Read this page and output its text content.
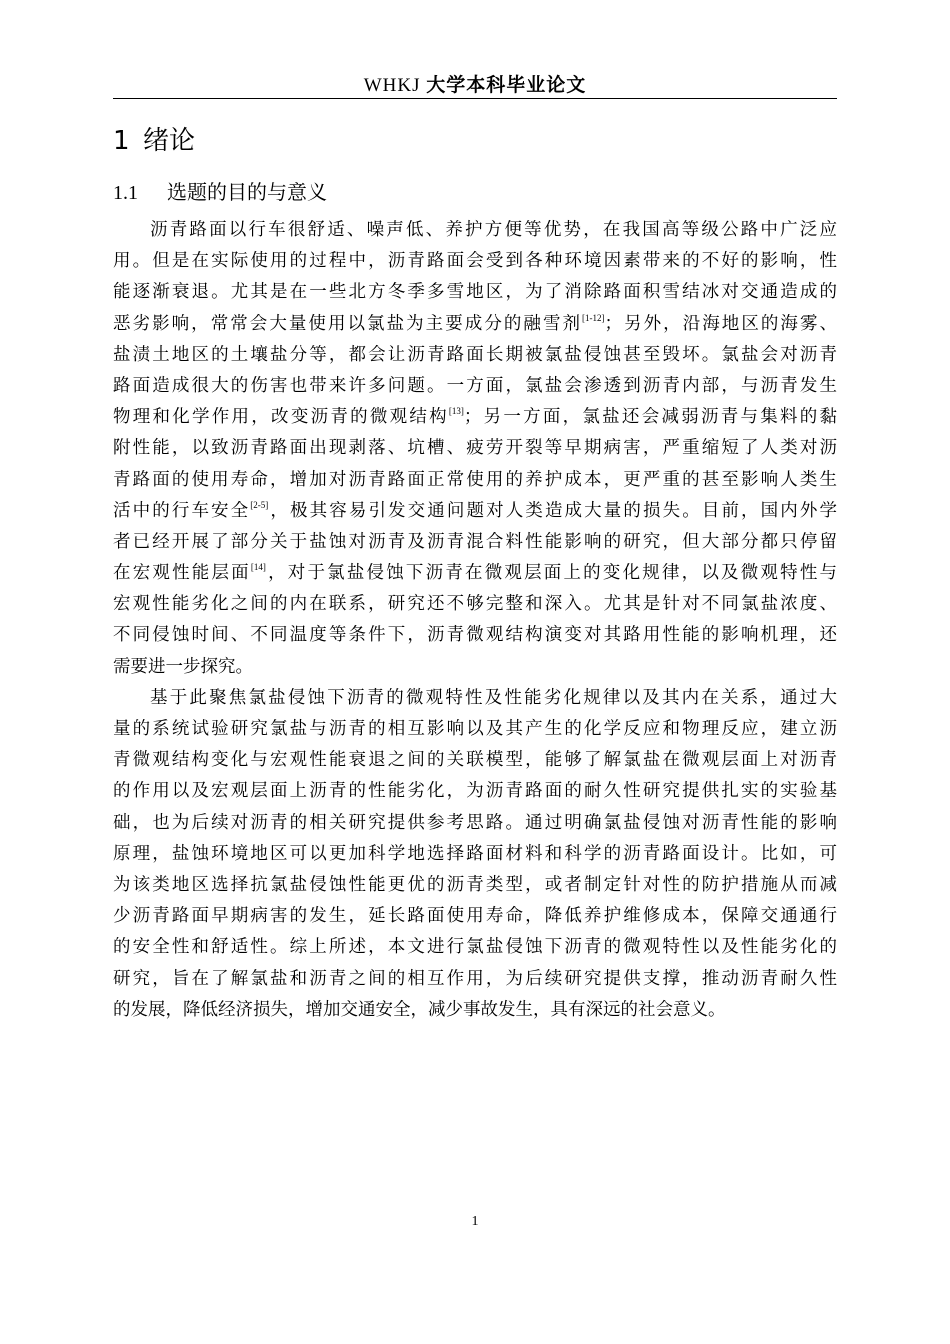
WHKJ 大学本科毕业论文
1 绪论
1.1 选题的目的与意义
沥青路面以行车很舒适、噪声低、养护方便等优势，在我国高等级公路中广泛应
用。但是在实际使用的过程中，沥青路面会受到各种环境因素带来的不好的影响，性
能逐渐衰退。尤其是在一些北方冬季多雪地区，为了消除路面积雪结冰对交通造成的
恶劣影响，常常会大量使用以氯盐为主要成分的融雪剂[1-12]；另外，沿海地区的海雾、
盐渍土地区的土壤盐分等，都会让沥青路面长期被氯盐侵蚀甚至毁坏。氯盐会对沥青
路面造成很大的伤害也带来许多问题。一方面，氯盐会渗透到沥青内部，与沥青发生
物理和化学作用，改变沥青的微观结构[13]；另一方面，氯盐还会减弱沥青与集料的黏
附性能，以致沥青路面出现剥落、坑槽、疲劳开裂等早期病害，严重缩短了人类对沥
青路面的使用寿命，增加对沥青路面正常使用的养护成本，更严重的甚至影响人类生
活中的行车安全[2-5]，极其容易引发交通问题对人类造成大量的损失。目前，国内外学
者已经开展了部分关于盐蚀对沥青及沥青混合料性能影响的研究，但大部分都只停留
在宏观性能层面[14]，对于氯盐侵蚀下沥青在微观层面上的变化规律，以及微观特性与
宏观性能劣化之间的内在联系，研究还不够完整和深入。尤其是针对不同氯盐浓度、
不同侵蚀时间、不同温度等条件下，沥青微观结构演变对其路用性能的影响机理，还
需要进一步探究。
基于此聚焦氯盐侵蚀下沥青的微观特性及性能劣化规律以及其内在关系，通过大
量的系统试验研究氯盐与沥青的相互影响以及其产生的化学反应和物理反应，建立沥
青微观结构变化与宏观性能衰退之间的关联模型，能够了解氯盐在微观层面上对沥青
的作用以及宏观层面上沥青的性能劣化，为沥青路面的耐久性研究提供扎实的实验基
础，也为后续对沥青的相关研究提供参考思路。通过明确氯盐侵蚀对沥青性能的影响
原理，盐蚀环境地区可以更加科学地选择路面材料和科学的沥青路面设计。比如，可
为该类地区选择抗氯盐侵蚀性能更优的沥青类型，或者制定针对性的防护措施从而减
少沥青路面早期病害的发生，延长路面使用寿命，降低养护维修成本，保障交通通行
的安全性和舒适性。综上所述，本文进行氯盐侵蚀下沥青的微观特性以及性能劣化的
研究，旨在了解氯盐和沥青之间的相互作用，为后续研究提供支撑，推动沥青耐久性
的发展，降低经济损失，增加交通安全，减少事故发生，具有深远的社会意义。
1
